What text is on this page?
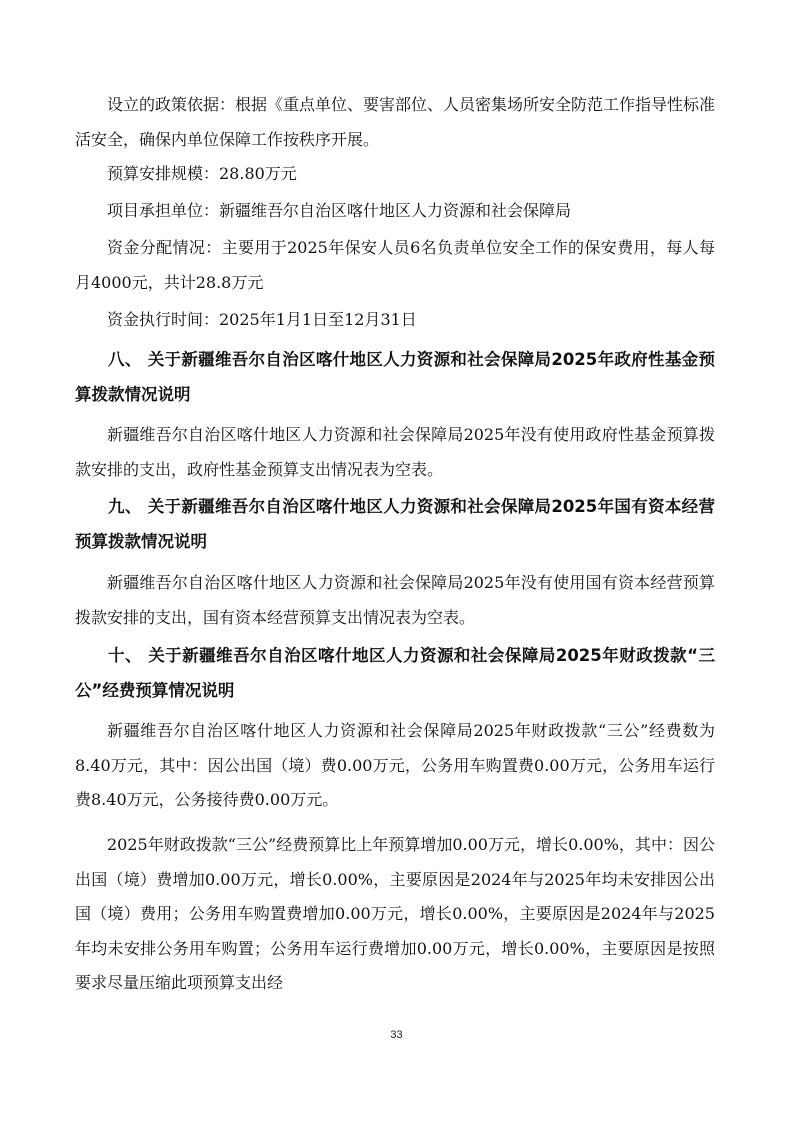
设立的政策依据：根据《重点单位、要害部位、人员密集场所安全防范工作指导性标准活安全，确保内单位保障工作按秩序开展。

预算安排规模：28.80万元

项目承担单位：新疆维吾尔自治区喀什地区人力资源和社会保障局

资金分配情况：主要用于2025年保安人员6名负责单位安全工作的保安费用，每人每月4000元，共计28.8万元

资金执行时间：2025年1月1日至12月31日

八、 关于新疆维吾尔自治区喀什地区人力资源和社会保障局2025年政府性基金预算拨款情况说明

新疆维吾尔自治区喀什地区人力资源和社会保障局2025年没有使用政府性基金预算拨款安排的支出，政府性基金预算支出情况表为空表。

九、 关于新疆维吾尔自治区喀什地区人力资源和社会保障局2025年国有资本经营预算拨款情况说明

新疆维吾尔自治区喀什地区人力资源和社会保障局2025年没有使用国有资本经营预算拨款安排的支出，国有资本经营预算支出情况表为空表。

十、 关于新疆维吾尔自治区喀什地区人力资源和社会保障局2025年财政拨款“三公”经费预算情况说明

新疆维吾尔自治区喀什地区人力资源和社会保障局2025年财政拨款“三公”经费数为8.40万元，其中：因公出国（境）费0.00万元，公务用车购置费0.00万元，公务用车运行费8.40万元，公务接待费0.00万元。

2025年财政拨款“三公”经费预算比上年预算增加0.00万元，增长0.00%，其中：因公出国（境）费增加0.00万元，增长0.00%，主要原因是2024年与2025年均未安排因公出国（境）费用；公务用车购置费增加0.00万元，增长0.00%，主要原因是2024年与2025年均未安排公务用车购置；公务用车运行费增加0.00万元，增长0.00%，主要原因是按照要求尽量压缩此项预算支出经

33
